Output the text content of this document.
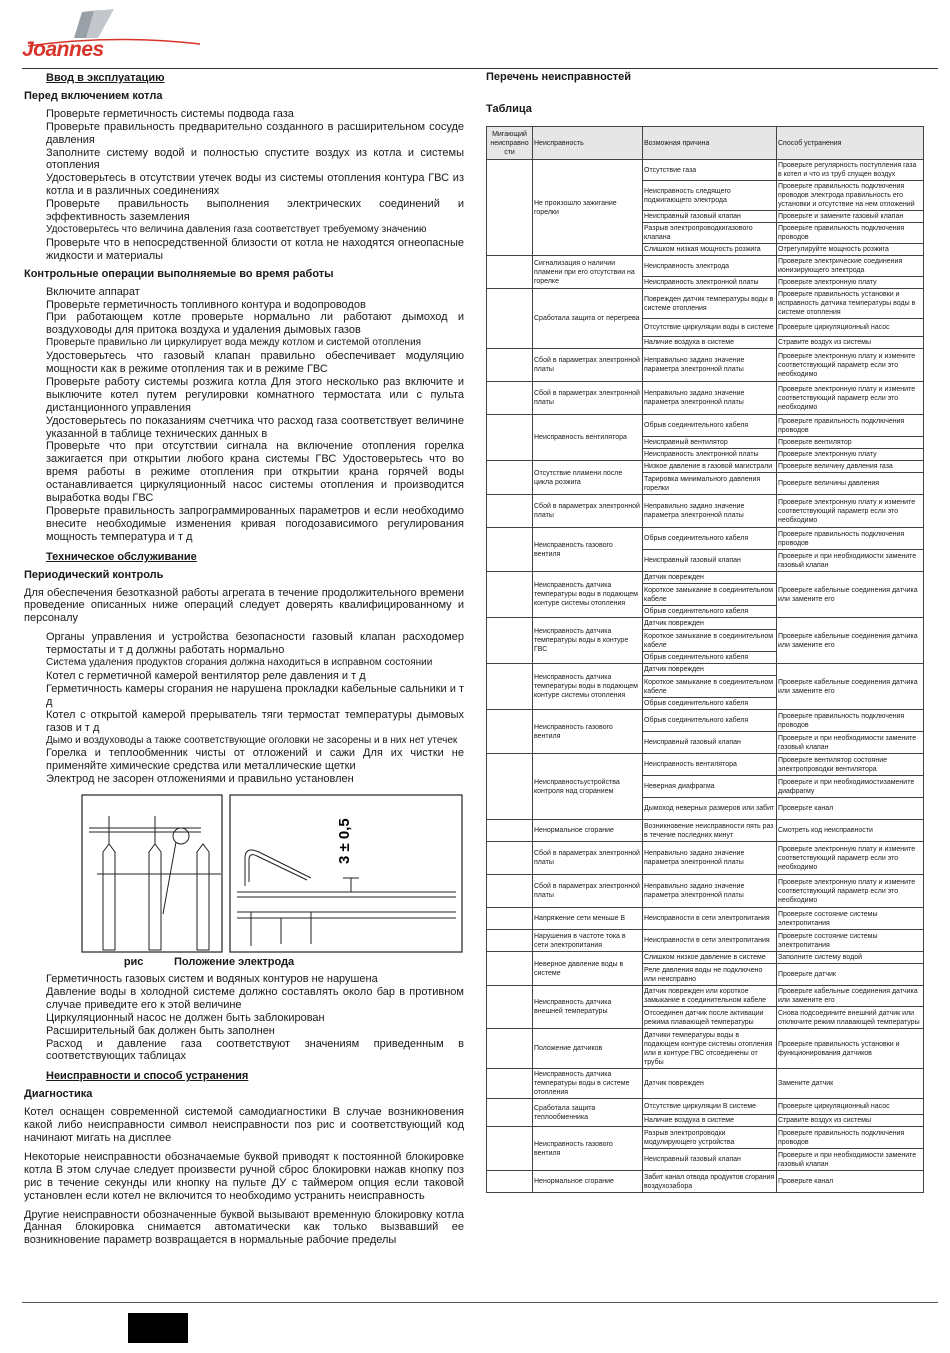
Joannes
Ввод в эксплуатацию
Перед включением котла
Проверьте герметичность системы подвода газа
Проверьте правильность предварительно созданного в расширительном сосуде давления
Заполните систему водой и полностью спустите воздух из котла и системы отопления
Удостоверьтесь в отсутствии утечек воды из системы отопления контура ГВС из котла и в различных соединениях
Проверьте правильность выполнения электрических соединений и эффективность заземления
Удостоверьтесь что величина давления газа соответствует требуемому значению
Проверьте что в непосредственной близости от котла не находятся огнеопасные жидкости и материалы
Контрольные операции выполняемые во время работы
Включите аппарат
Проверьте герметичность топливного контура и водопроводов
При работающем котле проверьте нормально ли работают дымоход и воздуховоды для притока воздуха и удаления дымовых газов
Проверьте правильно ли циркулирует вода между котлом и системой отопления
Удостоверьтесь что газовый клапан правильно обеспечивает модуляцию мощности как в режиме отопления так и в режиме ГВС
Проверьте работу системы розжига котла Для этого несколько раз включите и выключите котел путем регулировки комнатного термостата или с пульта дистанционного управления
Удостоверьтесь по показаниям счетчика что расход газа соответствует величине указанной в таблице технических данных в
Проверьте что при отсутствии сигнала на включение отопления горелка зажигается при открытии любого крана системы ГВС Удостоверьтесь что во время работы в режиме отопления при открытии крана горячей воды останавливается циркуляционный насос системы отопления и производится выработка воды ГВС
Проверьте правильность запрограммированных параметров и если необходимо внесите необходимые изменения кривая погодозависимого регулирования мощность температура и т д
Техническое обслуживание
Периодический контроль
Для обеспечения безотказной работы агрегата в течение продолжительного времени проведение описанных ниже операций следует доверять квалифицированному и персоналу
Органы управления и устройства безопасности газовый клапан расходомер термостаты и т д должны работать нормально
Система удаления продуктов сгорания должна находиться в исправном состоянии
Котел с герметичной камерой вентилятор реле давления и т д
Герметичность камеры сгорания не нарушена прокладки кабельные сальники и т д
Котел с открытой камерой прерыватель тяги термостат температуры дымовых газов и т д
Дымо и воздуховоды а также соответствующие оголовки не засорены и в них нет утечек
Горелка и теплообменник чисты от отложений и сажи Для их чистки не применяйте химические средства или металлические щетки
Электрод не засорен отложениями и правильно установлен
3 ± 0,5
рис	Положение электрода
Герметичность газовых систем и водяных контуров не нарушена
Давление воды в холодной системе должно составлять около бар в противном случае приведите его к этой величине
Циркуляционный насос не должен быть заблокирован
Расширительный бак должен быть заполнен
Расход и давление газа соответствуют значениям приведенным в соответствующих таблицах
Неисправности и способ устранения
Диагностика
Котел оснащен современной системой самодиагностики В случае возникновения какой либо неисправности символ неисправности поз рис и соответствующий код начинают мигать на дисплее
Некоторые неисправности обозначаемые буквой приводят к постоянной блокировке котла В этом случае следует произвести ручной сброс блокировки нажав кнопку поз рис в течение секунды или кнопку на пульте ДУ с таймером опция если таковой установлен если котел не включится то необходимо устранить неисправность
Другие неисправности обозначенные буквой вызывают временную блокировку котла Данная блокировка снимается автоматически как только вызвавший ее возникновение параметр возвращается в нормальные рабочие пределы
Перечень неисправностей
Таблица
Мигающий неисправно сти	Неисправность	Возможная причина	Способ устранения
	Не произошло зажигание горелки	Отсутствие газа	Проверьте регулярность поступления газа в котел и что из труб спущен воздух
		Неисправность следящего поджигающего электрода	Проверьте правильность подключения проводов электрода правильность его установки и отсутствие на нем отложений
		Неисправный газовый клапан	Проверьте и замените газовый клапан
		Разрыв электропроводкигазового клапана	Проверьте правильность подключения проводов
		Слишком низкая мощность розжига	Отрегулируйте мощность розжига
	Сигнализация о наличии пламени при его отсутствии на горелке	Неисправность электрода	Проверьте электрические соединения ионизирующего электрода
		Неисправность электронной платы	Проверьте электронную плату
	Сработала защита от перегрева	Поврежден датчик температуры воды в системе отопления	Проверьте правильность установки и исправность датчика температуры воды в системе отопления
		Отсутствие циркуляции воды в системе	Проверьте циркуляционный насос
		Наличие воздуха в системе	Стравите воздух из системы
	Сбой в параметрах электронной платы	Неправильно задано значение параметра электронной платы	Проверьте электронную плату и измените соответствующий параметр если это необходимо
	Сбой в параметрах электронной платы	Неправильно задано значение параметра электронной платы	Проверьте электронную плату и измените соответствующий параметр если это необходимо
	Неисправность вентилятора	Обрыв соединительного кабеля	Проверьте правильность подключения проводов
		Неисправный вентилятор	Проверьте вентилятор
		Неисправность электронной платы	Проверьте электронную плату
	Отсутствие пламени после цикла розжига	Низкое давление в газовой магистрали	Проверьте величину давления газа
		Тарировка минимального давления горелки	Проверьте величины давления
	Сбой в параметрах электронной платы	Неправильно задано значение параметра электронной платы	Проверьте электронную плату и измените соответствующий параметр если это необходимо
	Неисправность газового вентиля	Обрыв соединительного кабеля	Проверьте правильность подключения проводов
		Неисправный газовый клапан	Проверьте и при необходимости замените газовый клапан
	Неисправность датчика температуры воды в подающем контуре системы отопления	Датчик поврежден	Проверьте кабельные соединения датчика или замените его
		Короткое замыкание в соединительном кабеле	
		Обрыв соединительного кабеля	
	Неисправность датчика температуры воды в контуре ГВС	Датчик поврежден	Проверьте кабельные соединения датчика или замените его
		Короткое замыкание в соединительном кабеле	
		Обрыв соединительного кабеля	
	Неисправность датчика температуры воды в подающем контуре системы отопления	Датчик поврежден	Проверьте кабельные соединения датчика или замените его
		Короткое замыкание в соединительном кабеле	
		Обрыв соединительного кабеля	
	Неисправность газового вентиля	Обрыв соединительного кабеля	Проверьте правильность подключения проводов
		Неисправный газовый клапан	Проверьте и при необходимости замените газовый клапан
	Неисправностьустройства контроля над сгоранием	Неисправность вентилятора	Проверьте вентилятор состояние электропроводки вентилятора
		Неверная диафрагма	Проверьте и при необходимостизамените диафрагму
		Дымоход неверных размеров или забит	Проверьте канал
	Ненормальное сгорание	Возникновение неисправности пять раз в течение последних минут	Смотреть код неисправности
	Сбой в параметрах электронной платы	Неправильно задано значение параметра электронной платы	Проверьте электронную плату и измените соответствующий параметр если это необходимо
	Сбой в параметрах электронной платы	Неправильно задано значение параметра электронной платы	Проверьте электронную плату и измените соответствующий параметр если это необходимо
	Напряжение сети меньше В	Неисправности в сети электропитания	Проверьте состояние системы электропитания
	Нарушения в частоте тока в сети электропитания	Неисправности в сети электропитания	Проверьте состояние системы электропитания
	Неверное давление воды в системе	Слишком низкое давление в системе	Заполните систему водой
		Реле давления воды не подключено или неисправно	Проверьте датчик
	Неисправность датчика внешней температуры	Датчик поврежден или короткое замыкание в соединительном кабеле	Проверьте кабельные соединения датчика или замените его
		Отсоединен датчик после активации режима плавающей температуры	Снова подсоедините внешний датчик или отключите режим плавающей температуры
	Положение датчиков	Датчики температуры воды в подающем контуре системы отопления или в контуре ГВС отсоединены от трубы	Проверьте правильность установки и функционирования датчиков
	Неисправность датчика температуры воды в системе отопления	Датчик поврежден	Замените датчик
	Сработала защита теплообменника	Отсутствие циркуляции В системе	Проверьте циркуляционный насос
		Наличие воздуха в системе	Стравите воздух из системы
	Неисправность газового вентиля	Разрыв электропроводки модулирующего устройства	Проверьте правильность подключения проводов
		Неисправный газовый клапан	Проверьте и при необходимости замените газовый клапан
	Ненормальное сгорание	Забит канал отвода продуктов сгорания воздухозабора	Проверьте канал
